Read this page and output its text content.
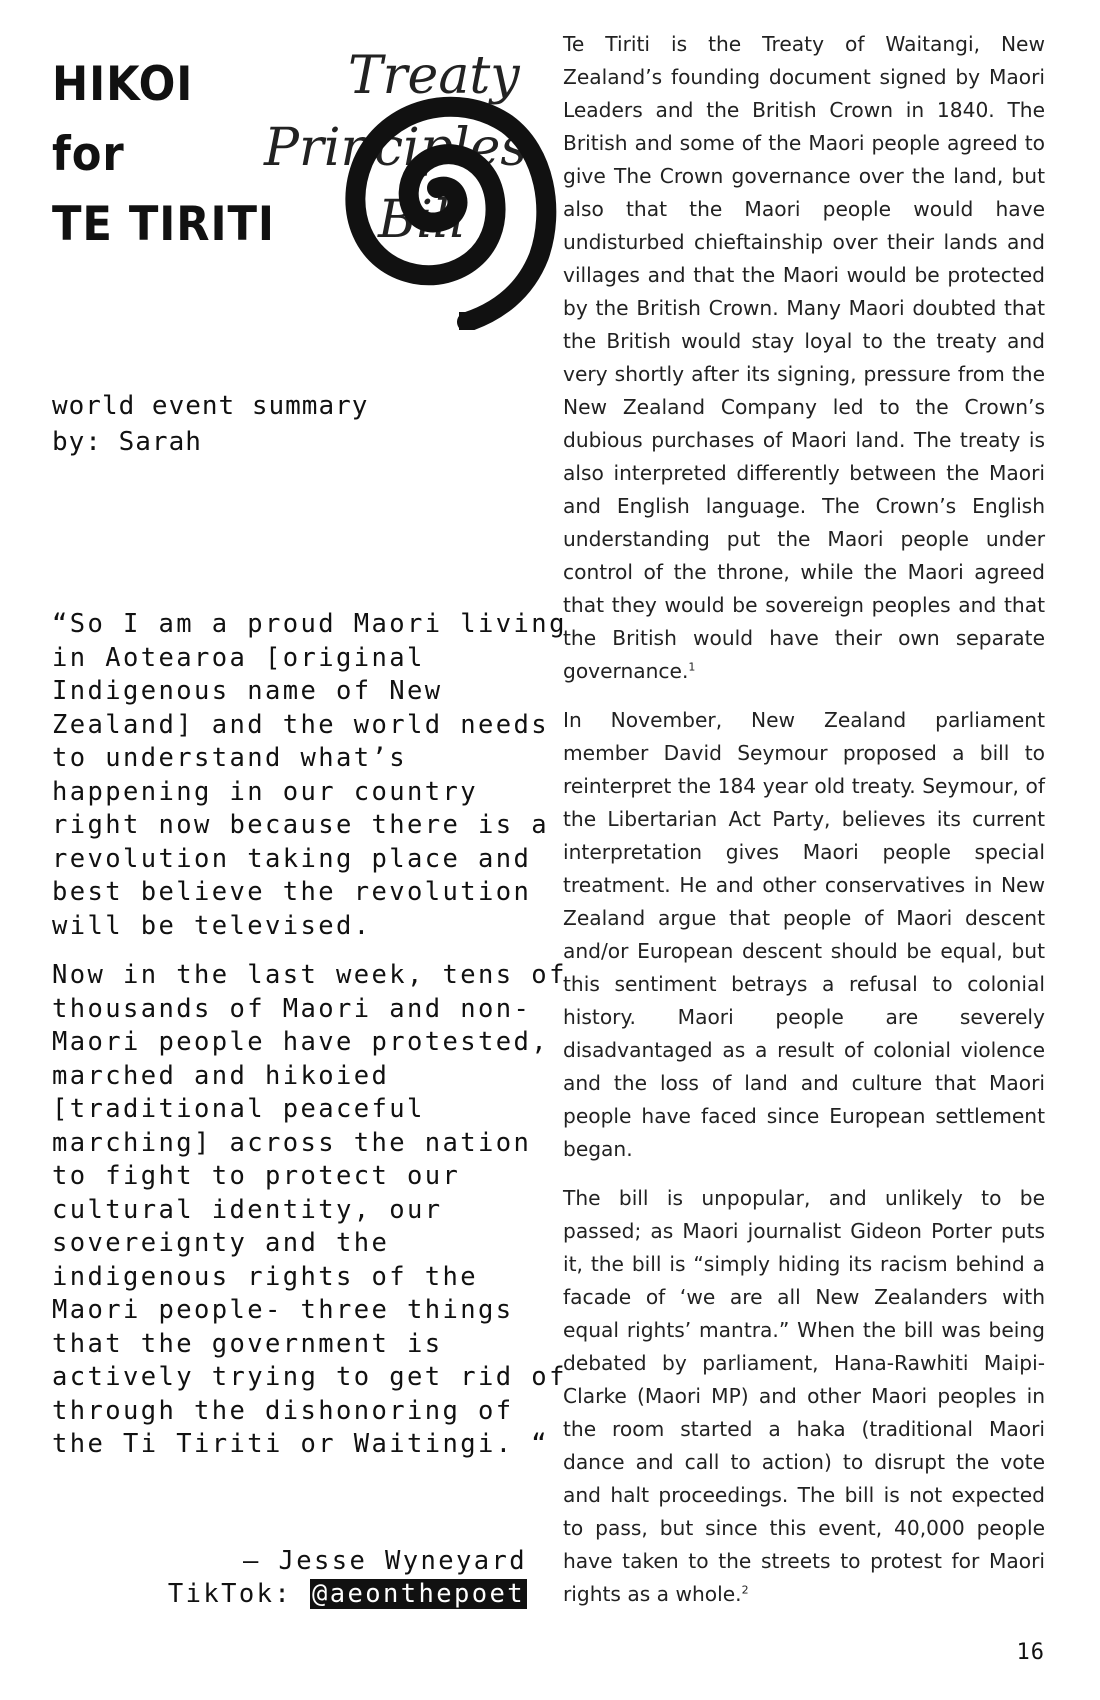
Treaty
Principles
Bill
HIKOI
for
TE TIRITI
world event summary
by: Sarah

“So I am a proud Maori living in Aotearoa [original Indigenous name of New Zealand] and the world needs to understand what’s happening in our country right now because there is a revolution taking place and best believe the revolution will be televised.

Now in the last week, tens of thousands of Maori and non-Maori people have protested, marched and hikoied [traditional peaceful marching] across the nation to fight to protect our cultural identity, our sovereignty and the indigenous rights of the Maori people- three things that the government is actively trying to get rid of through the dishonoring of the Ti Tiriti or Waitingi. “

— Jesse Wyneyard
TikTok: @aeonthepoet

Te Tiriti is the Treaty of Waitangi, New Zealand’s founding document signed by Maori Leaders and the British Crown in 1840. The British and some of the Maori people agreed to give The Crown governance over the land, but also that the Maori people would have undisturbed chieftainship over their lands and villages and that the Maori would be protected by the British Crown. Many Maori doubted that the British would stay loyal to the treaty and very shortly after its signing, pressure from the New Zealand Company led to the Crown’s dubious purchases of Maori land. The treaty is also interpreted differently between the Maori and English language. The Crown’s English understanding put the Maori people under control of the throne, while the Maori agreed that they would be sovereign peoples and that the British would have their own separate governance.$^1$

In November, New Zealand parliament member David Seymour proposed a bill to reinterpret the 184 year old treaty. Seymour, of the Libertarian Act Party, believes its current interpretation gives Maori people special treatment. He and other conservatives in New Zealand argue that people of Maori descent and/or European descent should be equal, but this sentiment betrays a refusal to colonial history. Maori people are severely disadvantaged as a result of colonial violence and the loss of land and culture that Maori people have faced since European settlement began.

The bill is unpopular, and unlikely to be passed; as Maori journalist Gideon Porter puts it, the bill is “simply hiding its racism behind a facade of ‘we are all New Zealanders with equal rights’ mantra.” When the bill was being debated by parliament, Hana-Rawhiti Maipi-Clarke (Maori MP) and other Maori peoples in the room started a haka (traditional Maori dance and call to action) to disrupt the vote and halt proceedings. The bill is not expected to pass, but since this event, 40,000 people have taken to the streets to protest for Maori rights as a whole.$^2$

16
